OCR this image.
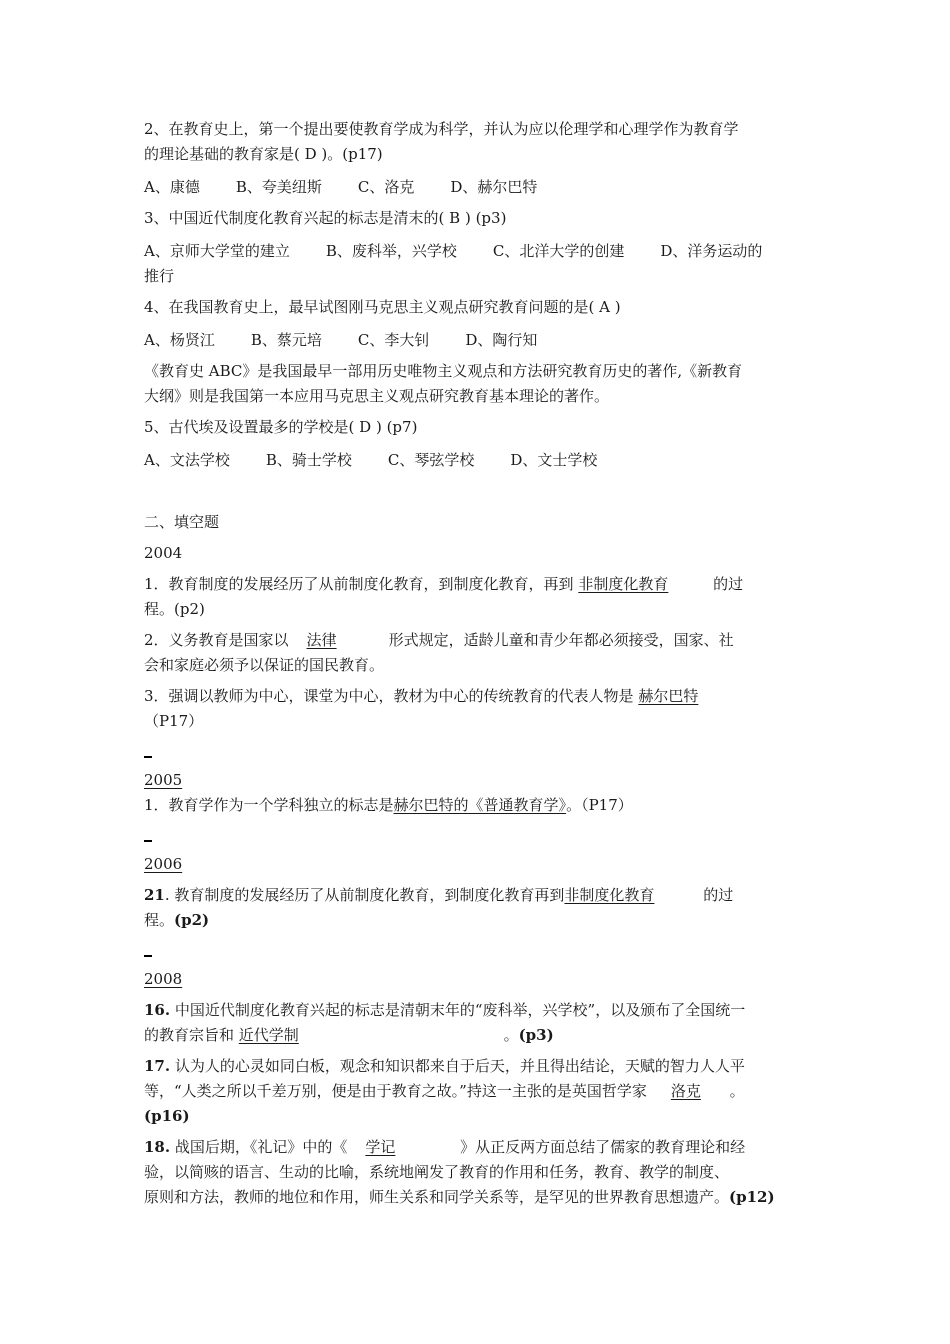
2、在教育史上，第一个提出要使教育学成为科学，并认为应以伦理学和心理学作为教育学

的理论基础的教育家是( D )。(p17)

A、康德 B、夸美纽斯 C、洛克 D、赫尔巴特

3、中国近代制度化教育兴起的标志是清末的( B ) (p3)

A、京师大学堂的建立 B、废科举，兴学校 C、北洋大学的创建 D、洋务运动的

推行

4、在我国教育史上，最早试图刚马克思主义观点研究教育问题的是( A )

A、杨贤江 B、蔡元培 C、李大钊 D、陶行知

《教育史 ABC》是我国最早一部用历史唯物主义观点和方法研究教育历史的著作,《新教育

大纲》则是我国第一本应用马克思主义观点研究教育基本理论的著作。

5、古代埃及设置最多的学校是( D ) (p7)

A、文法学校 B、骑士学校 C、琴弦学校 D、文士学校

二、填空题

2004

1．教育制度的发展经历了从前制度化教育，到制度化教育，再到 非制度化教育	的过

程。(p2)

2．义务教育是国家以 法律	形式规定，适龄儿童和青少年都必须接受，国家、社

会和家庭必须予以保证的国民教育。

3．强调以教师为中心，课堂为中心，教材为中心的传统教育的代表人物是 赫尔巴特

（P17）

2005

1．教育学作为一个学科独立的标志是赫尔巴特的《普通教育学》。（P17）

2006

21. 教育制度的发展经历了从前制度化教育，到制度化教育再到非制度化教育	的过

程。(p2)

2008

16. 中国近代制度化教育兴起的标志是清朝末年的“废科举，兴学校”，以及颁布了全国统一

的教育宗旨和 近代学制	。(p3)

17. 认为人的心灵如同白板，观念和知识都来自于后天，并且得出结论，天赋的智力人人平

等，“人类之所以千差万别，便是由于教育之故。”持这一主张的是英国哲学家 洛克 。

(p16)

18. 战国后期，《礼记》中的《 学记	》从正反两方面总结了儒家的教育理论和经

验，以简赅的语言、生动的比喻，系统地阐发了教育的作用和任务，教育、教学的制度、

原则和方法，教师的地位和作用，师生关系和同学关系等，是罕见的世界教育思想遗产。(p12)
